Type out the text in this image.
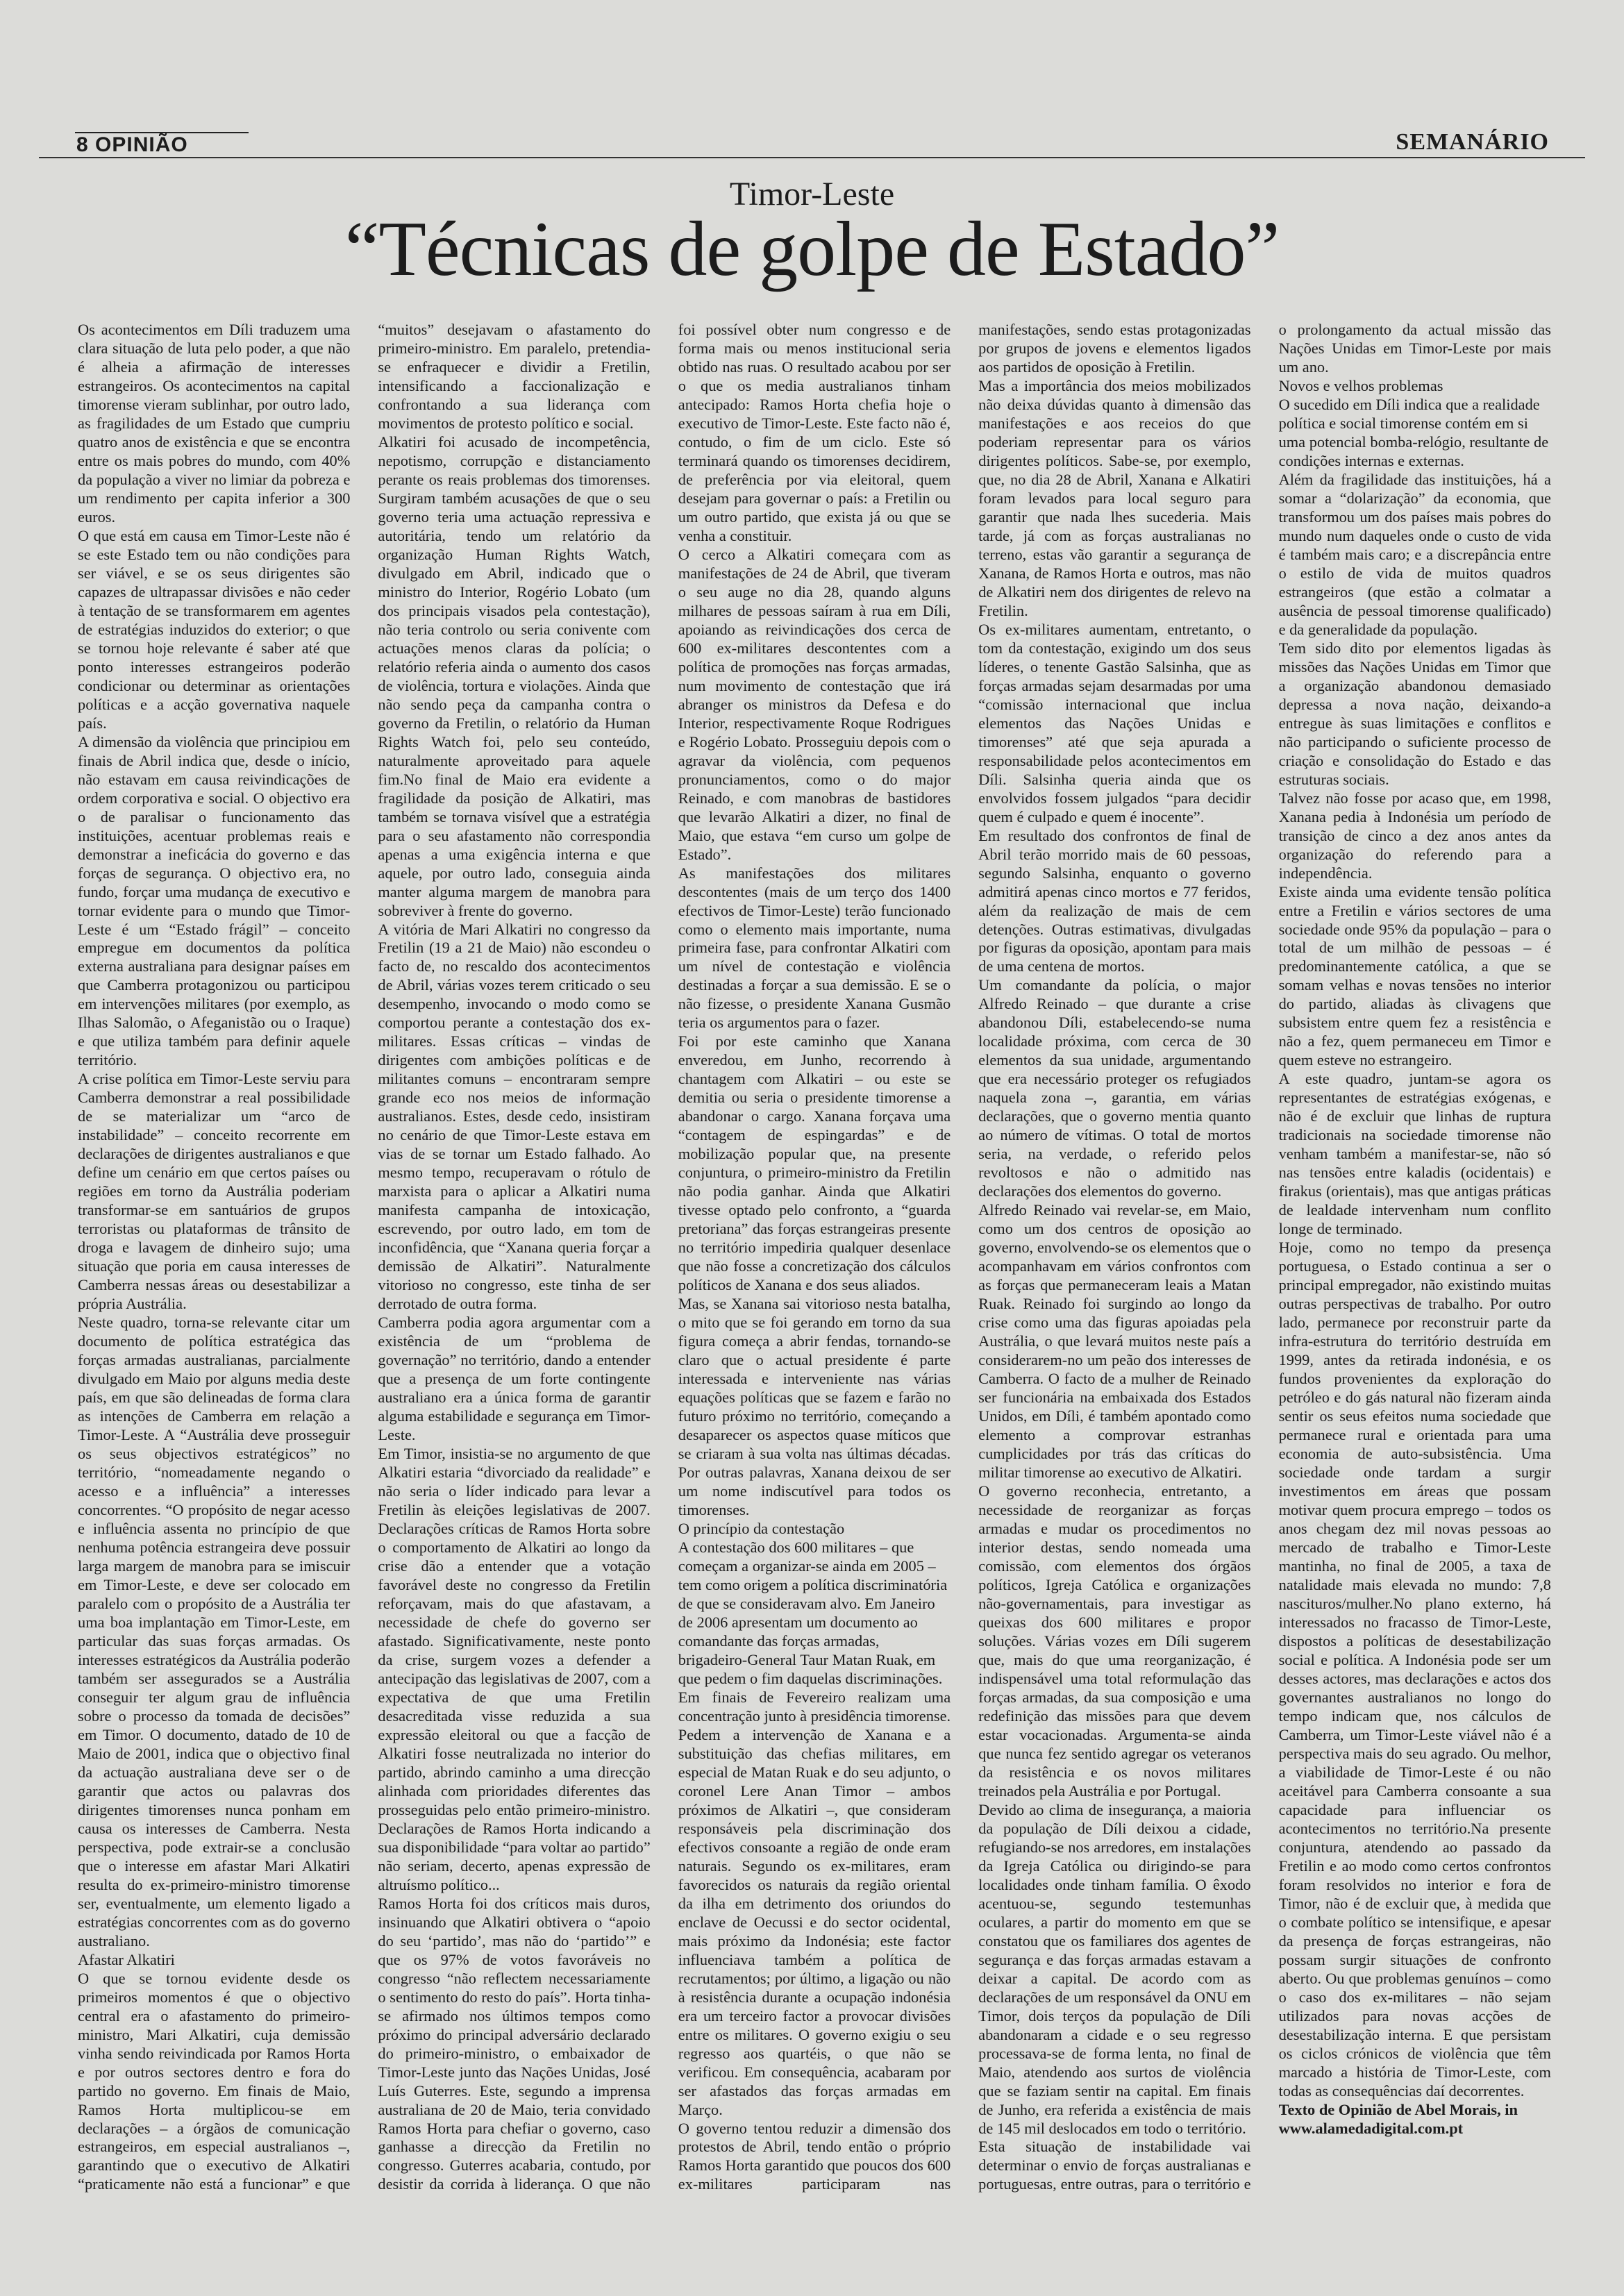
8 OPINIÃO	SEMANÁRIO
Timor-Leste
“Técnicas de golpe de Estado”

Os acontecimentos em Díli traduzem uma clara situação de luta pelo poder, a que não é alheia a afirmação de interesses estrangeiros. Os acontecimentos na capital timorense vieram sublinhar, por outro lado, as fragilidades de um Estado que cumpriu quatro anos de existência e que se encontra entre os mais pobres do mundo, com 40% da população a viver no limiar da pobreza e um rendimento per capita inferior a 300 euros.

O que está em causa em Timor-Leste não é se este Estado tem ou não condições para ser viável, e se os seus dirigentes são capazes de ultrapassar divisões e não ceder à tentação de se transformarem em agentes de estratégias induzidos do exterior; o que se tornou hoje relevante é saber até que ponto interesses estrangeiros poderão condicionar ou determinar as orientações políticas e a acção governativa naquele país.

A dimensão da violência que principiou em finais de Abril indica que, desde o início, não estavam em causa reivindicações de ordem corporativa e social. O objectivo era o de paralisar o funcionamento das instituições, acentuar problemas reais e demonstrar a ineficácia do governo e das forças de segurança. O objectivo era, no fundo, forçar uma mudança de executivo e tornar evidente para o mundo que Timor-Leste é um “Estado frágil” – conceito empregue em documentos da política externa australiana para designar países em que Camberra protagonizou ou participou em intervenções militares (por exemplo, as Ilhas Salomão, o Afeganistão ou o Iraque) e que utiliza também para definir aquele território.

A crise política em Timor-Leste serviu para Camberra demonstrar a real possibilidade de se materializar um “arco de instabilidade” – conceito recorrente em declarações de dirigentes australianos e que define um cenário em que certos países ou regiões em torno da Austrália poderiam transformar-se em santuários de grupos terroristas ou plataformas de trânsito de droga e lavagem de dinheiro sujo; uma situação que poria em causa interesses de Camberra nessas áreas ou desestabilizar a própria Austrália.

Neste quadro, torna-se relevante citar um documento de política estratégica das forças armadas australianas, parcialmente divulgado em Maio por alguns media deste país, em que são delineadas de forma clara as intenções de Camberra em relação a Timor-Leste. A “Austrália deve prosseguir os seus objectivos estratégicos” no território, “nomeadamente negando o acesso e a influência” a interesses concorrentes. “O propósito de negar acesso e influência assenta no princípio de que nenhuma potência estrangeira deve possuir larga margem de manobra para se imiscuir em Timor-Leste, e deve ser colocado em paralelo com o propósito de a Austrália ter uma boa implantação em Timor-Leste, em particular das suas forças armadas. Os interesses estratégicos da Austrália poderão também ser assegurados se a Austrália conseguir ter algum grau de influência sobre o processo da tomada de decisões” em Timor. O documento, datado de 10 de Maio de 2001, indica que o objectivo final da actuação australiana deve ser o de garantir que actos ou palavras dos dirigentes timorenses nunca ponham em causa os interesses de Camberra. Nesta perspectiva, pode extrair-se a conclusão que o interesse em afastar Mari Alkatiri resulta do ex-primeiro-ministro timorense ser, eventualmente, um elemento ligado a estratégias concorrentes com as do governo australiano.

Afastar Alkatiri

O que se tornou evidente desde os primeiros momentos é que o objectivo central era o afastamento do primeiro-ministro, Mari Alkatiri, cuja demissão vinha sendo reivindicada por Ramos Horta e por outros sectores dentro e fora do partido no governo. Em finais de Maio, Ramos Horta multiplicou-se em declarações – a órgãos de comunicação estrangeiros, em especial australianos –, garantindo que o executivo de Alkatiri “praticamente não está a funcionar” e que “muitos” desejavam o afastamento do primeiro-ministro. Em paralelo, pretendia-se enfraquecer e dividir a Fretilin, intensificando a faccionalização e confrontando a sua liderança com movimentos de protesto político e social.

Alkatiri foi acusado de incompetência, nepotismo, corrupção e distanciamento perante os reais problemas dos timorenses. Surgiram também acusações de que o seu governo teria uma actuação repressiva e autoritária, tendo um relatório da organização Human Rights Watch, divulgado em Abril, indicado que o ministro do Interior, Rogério Lobato (um dos principais visados pela contestação), não teria controlo ou seria conivente com actuações menos claras da polícia; o relatório referia ainda o aumento dos casos de violência, tortura e violações. Ainda que não sendo peça da campanha contra o governo da Fretilin, o relatório da Human Rights Watch foi, pelo seu conteúdo, naturalmente aproveitado para aquele fim.No final de Maio era evidente a fragilidade da posição de Alkatiri, mas também se tornava visível que a estratégia para o seu afastamento não correspondia apenas a uma exigência interna e que aquele, por outro lado, conseguia ainda manter alguma margem de manobra para sobreviver à frente do governo.

A vitória de Mari Alkatiri no congresso da Fretilin (19 a 21 de Maio) não escondeu o facto de, no rescaldo dos acontecimentos de Abril, várias vozes terem criticado o seu desempenho, invocando o modo como se comportou perante a contestação dos ex-militares. Essas críticas – vindas de dirigentes com ambições políticas e de militantes comuns – encontraram sempre grande eco nos meios de informação australianos. Estes, desde cedo, insistiram no cenário de que Timor-Leste estava em vias de se tornar um Estado falhado. Ao mesmo tempo, recuperavam o rótulo de marxista para o aplicar a Alkatiri numa manifesta campanha de intoxicação, escrevendo, por outro lado, em tom de inconfidência, que “Xanana queria forçar a demissão de Alkatiri”. Naturalmente vitorioso no congresso, este tinha de ser derrotado de outra forma.

Camberra podia agora argumentar com a existência de um “problema de governação” no território, dando a entender que a presença de um forte contingente australiano era a única forma de garantir alguma estabilidade e segurança em Timor-Leste.

Em Timor, insistia-se no argumento de que Alkatiri estaria “divorciado da realidade” e não seria o líder indicado para levar a Fretilin às eleições legislativas de 2007. Declarações críticas de Ramos Horta sobre o comportamento de Alkatiri ao longo da crise dão a entender que a votação favorável deste no congresso da Fretilin reforçavam, mais do que afastavam, a necessidade de chefe do governo ser afastado. Significativamente, neste ponto da crise, surgem vozes a defender a antecipação das legislativas de 2007, com a expectativa de que uma Fretilin desacreditada visse reduzida a sua expressão eleitoral ou que a facção de Alkatiri fosse neutralizada no interior do partido, abrindo caminho a uma direcção alinhada com prioridades diferentes das prosseguidas pelo então primeiro-ministro. Declarações de Ramos Horta indicando a sua disponibilidade “para voltar ao partido” não seriam, decerto, apenas expressão de altruísmo político...

Ramos Horta foi dos críticos mais duros, insinuando que Alkatiri obtivera o “apoio do seu ‘partido’, mas não do ‘partido’” e que os 97% de votos favoráveis no congresso “não reflectem necessariamente o sentimento do resto do país”. Horta tinha-se afirmado nos últimos tempos como próximo do principal adversário declarado do primeiro-ministro, o embaixador de Timor-Leste junto das Nações Unidas, José Luís Guterres. Este, segundo a imprensa australiana de 20 de Maio, teria convidado Ramos Horta para chefiar o governo, caso ganhasse a direcção da Fretilin no congresso. Guterres acabaria, contudo, por desistir da corrida à liderança. O que não foi possível obter num congresso e de forma mais ou menos institucional seria obtido nas ruas. O resultado acabou por ser o que os media australianos tinham antecipado: Ramos Horta chefia hoje o executivo de Timor-Leste. Este facto não é, contudo, o fim de um ciclo. Este só terminará quando os timorenses decidirem, de preferência por via eleitoral, quem desejam para governar o país: a Fretilin ou um outro partido, que exista já ou que se venha a constituir.

O cerco a Alkatiri começara com as manifestações de 24 de Abril, que tiveram o seu auge no dia 28, quando alguns milhares de pessoas saíram à rua em Díli, apoiando as reivindicações dos cerca de 600 ex-militares descontentes com a política de promoções nas forças armadas, num movimento de contestação que irá abranger os ministros da Defesa e do Interior, respectivamente Roque Rodrigues e Rogério Lobato. Prosseguiu depois com o agravar da violência, com pequenos pronunciamentos, como o do major Reinado, e com manobras de bastidores que levarão Alkatiri a dizer, no final de Maio, que estava “em curso um golpe de Estado”.

As manifestações dos militares descontentes (mais de um terço dos 1400 efectivos de Timor-Leste) terão funcionado como o elemento mais importante, numa primeira fase, para confrontar Alkatiri com um nível de contestação e violência destinadas a forçar a sua demissão. E se o não fizesse, o presidente Xanana Gusmão teria os argumentos para o fazer.

Foi por este caminho que Xanana enveredou, em Junho, recorrendo à chantagem com Alkatiri – ou este se demitia ou seria o presidente timorense a abandonar o cargo. Xanana forçava uma “contagem de espingardas” e de mobilização popular que, na presente conjuntura, o primeiro-ministro da Fretilin não podia ganhar. Ainda que Alkatiri tivesse optado pelo confronto, a “guarda pretoriana” das forças estrangeiras presente no território impediria qualquer desenlace que não fosse a concretização dos cálculos políticos de Xanana e dos seus aliados.

Mas, se Xanana sai vitorioso nesta batalha, o mito que se foi gerando em torno da sua figura começa a abrir fendas, tornando-se claro que o actual presidente é parte interessada e interveniente nas várias equações políticas que se fazem e farão no futuro próximo no território, começando a desaparecer os aspectos quase míticos que se criaram à sua volta nas últimas décadas. Por outras palavras, Xanana deixou de ser um nome indiscutível para todos os timorenses.

O princípio da contestação

A contestação dos 600 militares – que começam a organizar-se ainda em 2005 – tem como origem a política discriminatória de que se consideravam alvo. Em Janeiro de 2006 apresentam um documento ao comandante das forças armadas, brigadeiro-General Taur Matan Ruak, em que pedem o fim daquelas discriminações.

Em finais de Fevereiro realizam uma concentração junto à presidência timorense. Pedem a intervenção de Xanana e a substituição das chefias militares, em especial de Matan Ruak e do seu adjunto, o coronel Lere Anan Timor – ambos próximos de Alkatiri –, que consideram responsáveis pela discriminação dos efectivos consoante a região de onde eram naturais. Segundo os ex-militares, eram favorecidos os naturais da região oriental da ilha em detrimento dos oriundos do enclave de Oecussi e do sector ocidental, mais próximo da Indonésia; este factor influenciava também a política de recrutamentos; por último, a ligação ou não à resistência durante a ocupação indonésia era um terceiro factor a provocar divisões entre os militares. O governo exigiu o seu regresso aos quartéis, o que não se verificou. Em consequência, acabaram por ser afastados das forças armadas em Março.

O governo tentou reduzir a dimensão dos protestos de Abril, tendo então o próprio Ramos Horta garantido que poucos dos 600 ex-militares participaram nas manifestações, sendo estas protagonizadas por grupos de jovens e elementos ligados aos partidos de oposição à Fretilin.

Mas a importância dos meios mobilizados não deixa dúvidas quanto à dimensão das manifestações e aos receios do que poderiam representar para os vários dirigentes políticos. Sabe-se, por exemplo, que, no dia 28 de Abril, Xanana e Alkatiri foram levados para local seguro para garantir que nada lhes sucederia. Mais tarde, já com as forças australianas no terreno, estas vão garantir a segurança de Xanana, de Ramos Horta e outros, mas não de Alkatiri nem dos dirigentes de relevo na Fretilin.

Os ex-militares aumentam, entretanto, o tom da contestação, exigindo um dos seus líderes, o tenente Gastão Salsinha, que as forças armadas sejam desarmadas por uma “comissão internacional que inclua elementos das Nações Unidas e timorenses” até que seja apurada a responsabilidade pelos acontecimentos em Díli. Salsinha queria ainda que os envolvidos fossem julgados “para decidir quem é culpado e quem é inocente”.

Em resultado dos confrontos de final de Abril terão morrido mais de 60 pessoas, segundo Salsinha, enquanto o governo admitirá apenas cinco mortos e 77 feridos, além da realização de mais de cem detenções. Outras estimativas, divulgadas por figuras da oposição, apontam para mais de uma centena de mortos.

Um comandante da polícia, o major Alfredo Reinado – que durante a crise abandonou Díli, estabelecendo-se numa localidade próxima, com cerca de 30 elementos da sua unidade, argumentando que era necessário proteger os refugiados naquela zona –, garantia, em várias declarações, que o governo mentia quanto ao número de vítimas. O total de mortos seria, na verdade, o referido pelos revoltosos e não o admitido nas declarações dos elementos do governo.

Alfredo Reinado vai revelar-se, em Maio, como um dos centros de oposição ao governo, envolvendo-se os elementos que o acompanhavam em vários confrontos com as forças que permaneceram leais a Matan Ruak. Reinado foi surgindo ao longo da crise como uma das figuras apoiadas pela Austrália, o que levará muitos neste país a considerarem-no um peão dos interesses de Camberra. O facto de a mulher de Reinado ser funcionária na embaixada dos Estados Unidos, em Díli, é também apontado como elemento a comprovar estranhas cumplicidades por trás das críticas do militar timorense ao executivo de Alkatiri.

O governo reconhecia, entretanto, a necessidade de reorganizar as forças armadas e mudar os procedimentos no interior destas, sendo nomeada uma comissão, com elementos dos órgãos políticos, Igreja Católica e organizações não-governamentais, para investigar as queixas dos 600 militares e propor soluções. Várias vozes em Díli sugerem que, mais do que uma reorganização, é indispensável uma total reformulação das forças armadas, da sua composição e uma redefinição das missões para que devem estar vocacionadas. Argumenta-se ainda que nunca fez sentido agregar os veteranos da resistência e os novos militares treinados pela Austrália e por Portugal.

Devido ao clima de insegurança, a maioria da população de Díli deixou a cidade, refugiando-se nos arredores, em instalações da Igreja Católica ou dirigindo-se para localidades onde tinham família. O êxodo acentuou-se, segundo testemunhas oculares, a partir do momento em que se constatou que os familiares dos agentes de segurança e das forças armadas estavam a deixar a capital. De acordo com as declarações de um responsável da ONU em Timor, dois terços da população de Díli abandonaram a cidade e o seu regresso processava-se de forma lenta, no final de Maio, atendendo aos surtos de violência que se faziam sentir na capital. Em finais de Junho, era referida a existência de mais de 145 mil deslocados em todo o território.

Esta situação de instabilidade vai determinar o envio de forças australianas e portuguesas, entre outras, para o território e o prolongamento da actual missão das Nações Unidas em Timor-Leste por mais um ano.

Novos e velhos problemas

O sucedido em Díli indica que a realidade política e social timorense contém em si uma potencial bomba-relógio, resultante de condições internas e externas.

Além da fragilidade das instituições, há a somar a “dolarização” da economia, que transformou um dos países mais pobres do mundo num daqueles onde o custo de vida é também mais caro; e a discrepância entre o estilo de vida de muitos quadros estrangeiros (que estão a colmatar a ausência de pessoal timorense qualificado) e da generalidade da população.

Tem sido dito por elementos ligadas às missões das Nações Unidas em Timor que a organização abandonou demasiado depressa a nova nação, deixando-a entregue às suas limitações e conflitos e não participando o suficiente processo de criação e consolidação do Estado e das estruturas sociais.

Talvez não fosse por acaso que, em 1998, Xanana pedia à Indonésia um período de transição de cinco a dez anos antes da organização do referendo para a independência.

Existe ainda uma evidente tensão política entre a Fretilin e vários sectores de uma sociedade onde 95% da população – para o total de um milhão de pessoas – é predominantemente católica, a que se somam velhas e novas tensões no interior do partido, aliadas às clivagens que subsistem entre quem fez a resistência e não a fez, quem permaneceu em Timor e quem esteve no estrangeiro.

A este quadro, juntam-se agora os representantes de estratégias exógenas, e não é de excluir que linhas de ruptura tradicionais na sociedade timorense não venham também a manifestar-se, não só nas tensões entre kaladis (ocidentais) e firakus (orientais), mas que antigas práticas de lealdade intervenham num conflito longe de terminado.

Hoje, como no tempo da presença portuguesa, o Estado continua a ser o principal empregador, não existindo muitas outras perspectivas de trabalho. Por outro lado, permanece por reconstruir parte da infra-estrutura do território destruída em 1999, antes da retirada indonésia, e os fundos provenientes da exploração do petróleo e do gás natural não fizeram ainda sentir os seus efeitos numa sociedade que permanece rural e orientada para uma economia de auto-subsistência. Uma sociedade onde tardam a surgir investimentos em áreas que possam motivar quem procura emprego – todos os anos chegam dez mil novas pessoas ao mercado de trabalho e Timor-Leste mantinha, no final de 2005, a taxa de natalidade mais elevada no mundo: 7,8 nascituros/mulher.No plano externo, há interessados no fracasso de Timor-Leste, dispostos a políticas de desestabilização social e política. A Indonésia pode ser um desses actores, mas declarações e actos dos governantes australianos no longo do tempo indicam que, nos cálculos de Camberra, um Timor-Leste viável não é a perspectiva mais do seu agrado. Ou melhor, a viabilidade de Timor-Leste é ou não aceitável para Camberra consoante a sua capacidade para influenciar os acontecimentos no território.Na presente conjuntura, atendendo ao passado da Fretilin e ao modo como certos confrontos foram resolvidos no interior e fora de Timor, não é de excluir que, à medida que o combate político se intensifique, e apesar da presença de forças estrangeiras, não possam surgir situações de confronto aberto. Ou que problemas genuínos – como o caso dos ex-militares – não sejam utilizados para novas acções de desestabilização interna. E que persistam os ciclos crónicos de violência que têm marcado a história de Timor-Leste, com todas as consequências daí decorrentes.

Texto de Opinião de Abel Morais, in www.alamedadigital.com.pt
